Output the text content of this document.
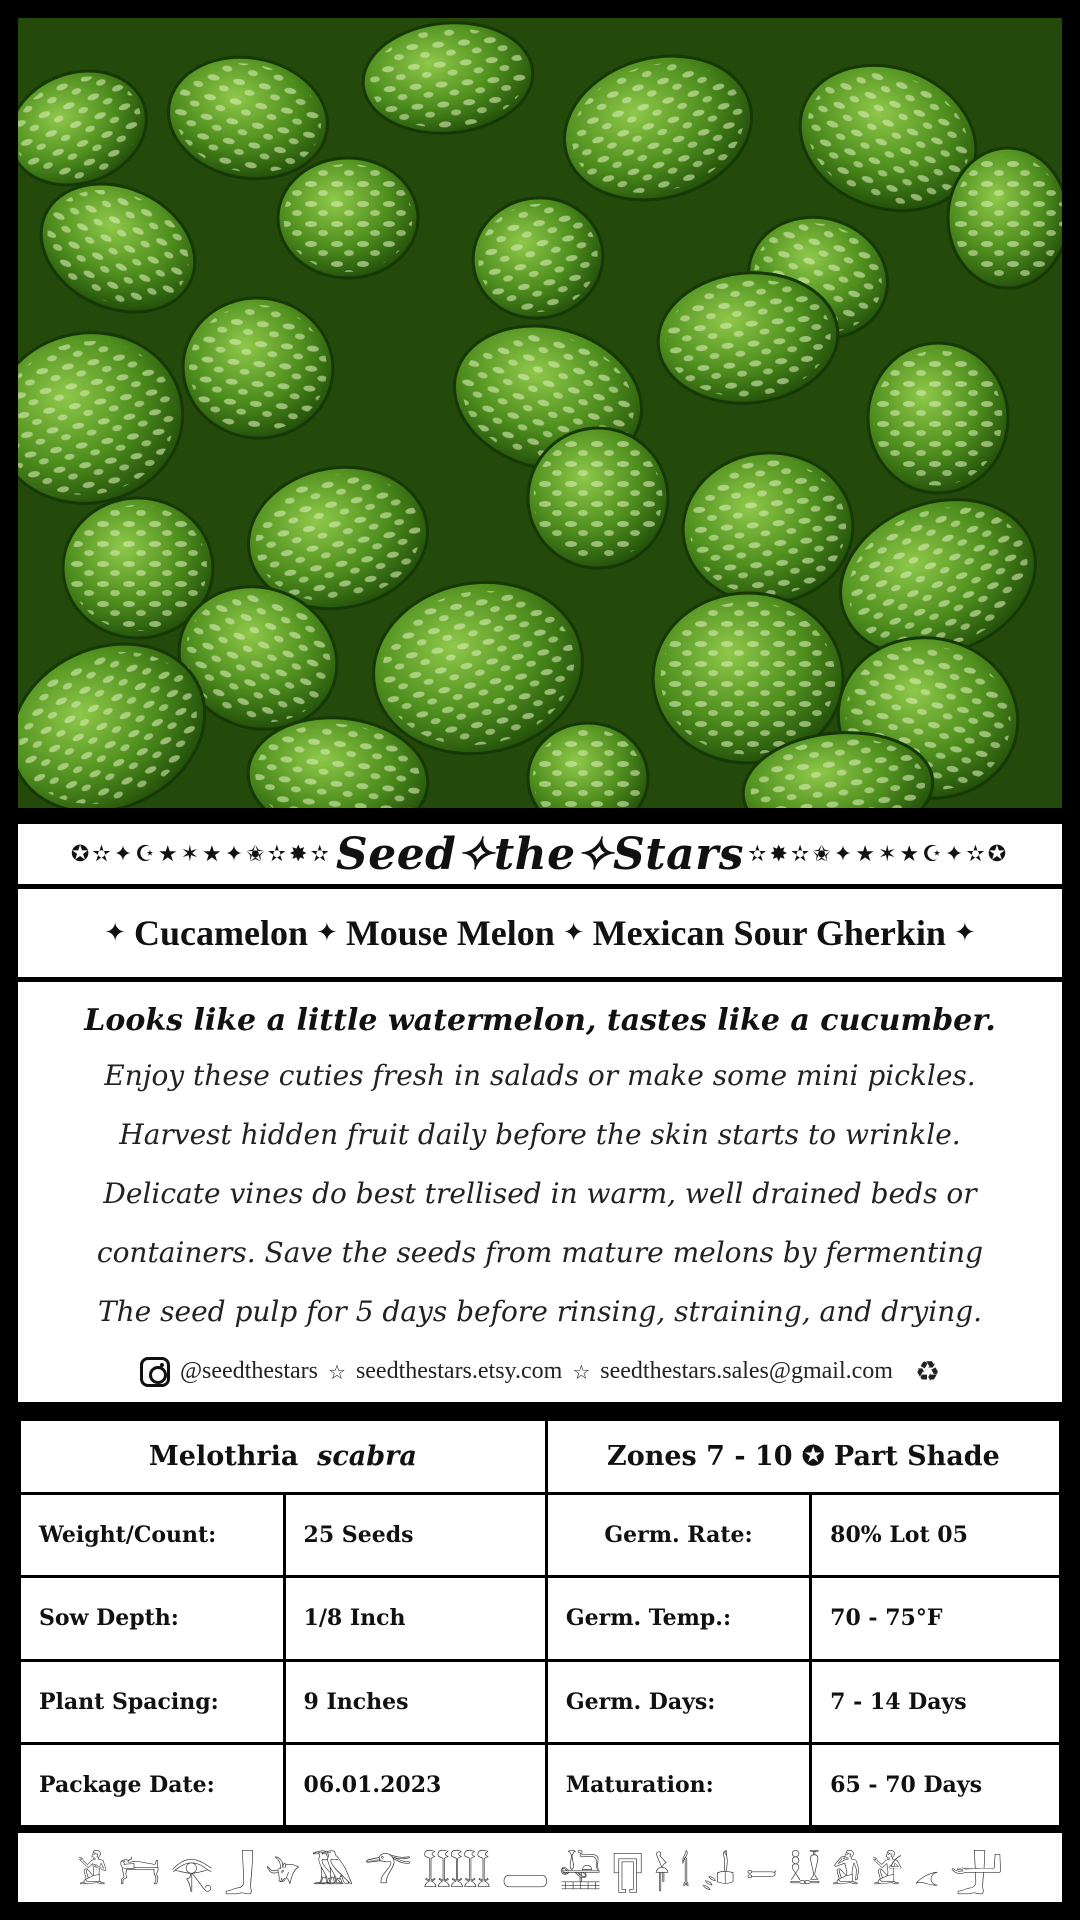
✪✫✦☪★✶★✦✬✫✸✫ Seed✧the✧Stars ✫✸✫✬✦★✶★☪✦✫✪
✦ Cucamelon ✦ Mouse Melon ✦ Mexican Sour Gherkin ✦
Looks like a little watermelon, tastes like a cucumber.
Enjoy these cuties fresh in salads or make some mini pickles.
Harvest hidden fruit daily before the skin starts to wrinkle.
Delicate vines do best trellised in warm, well drained beds or
containers. Save the seeds from mature melons by fermenting
The seed pulp for 5 days before rinsing, straining, and drying.
@seedthestars ☆ seedthestars.etsy.com ☆ seedthestars.sales@gmail.com ♻
Melothria scabra		Zones 7 - 10 ✪ Part Shade	
Weight/Count:	25 Seeds	Germ. Rate:	80% Lot 05
Sow Depth:	1/8 Inch	Germ. Temp.:	70 - 75°F
Plant Spacing:	9 Inches	Germ. Days:	7 - 14 Days
Package Date:	06.01.2023	Maturation:	65 - 70 Days
𓀀 𓁀 𓂀 𓃀 𓄀 𓅀 𓆀 𓇀 𓈀 𓉀 𓊀 𓋀 𓌀 𓍀 𓎀 𓏀 𓀁 𓁁 𓂁 𓃁
